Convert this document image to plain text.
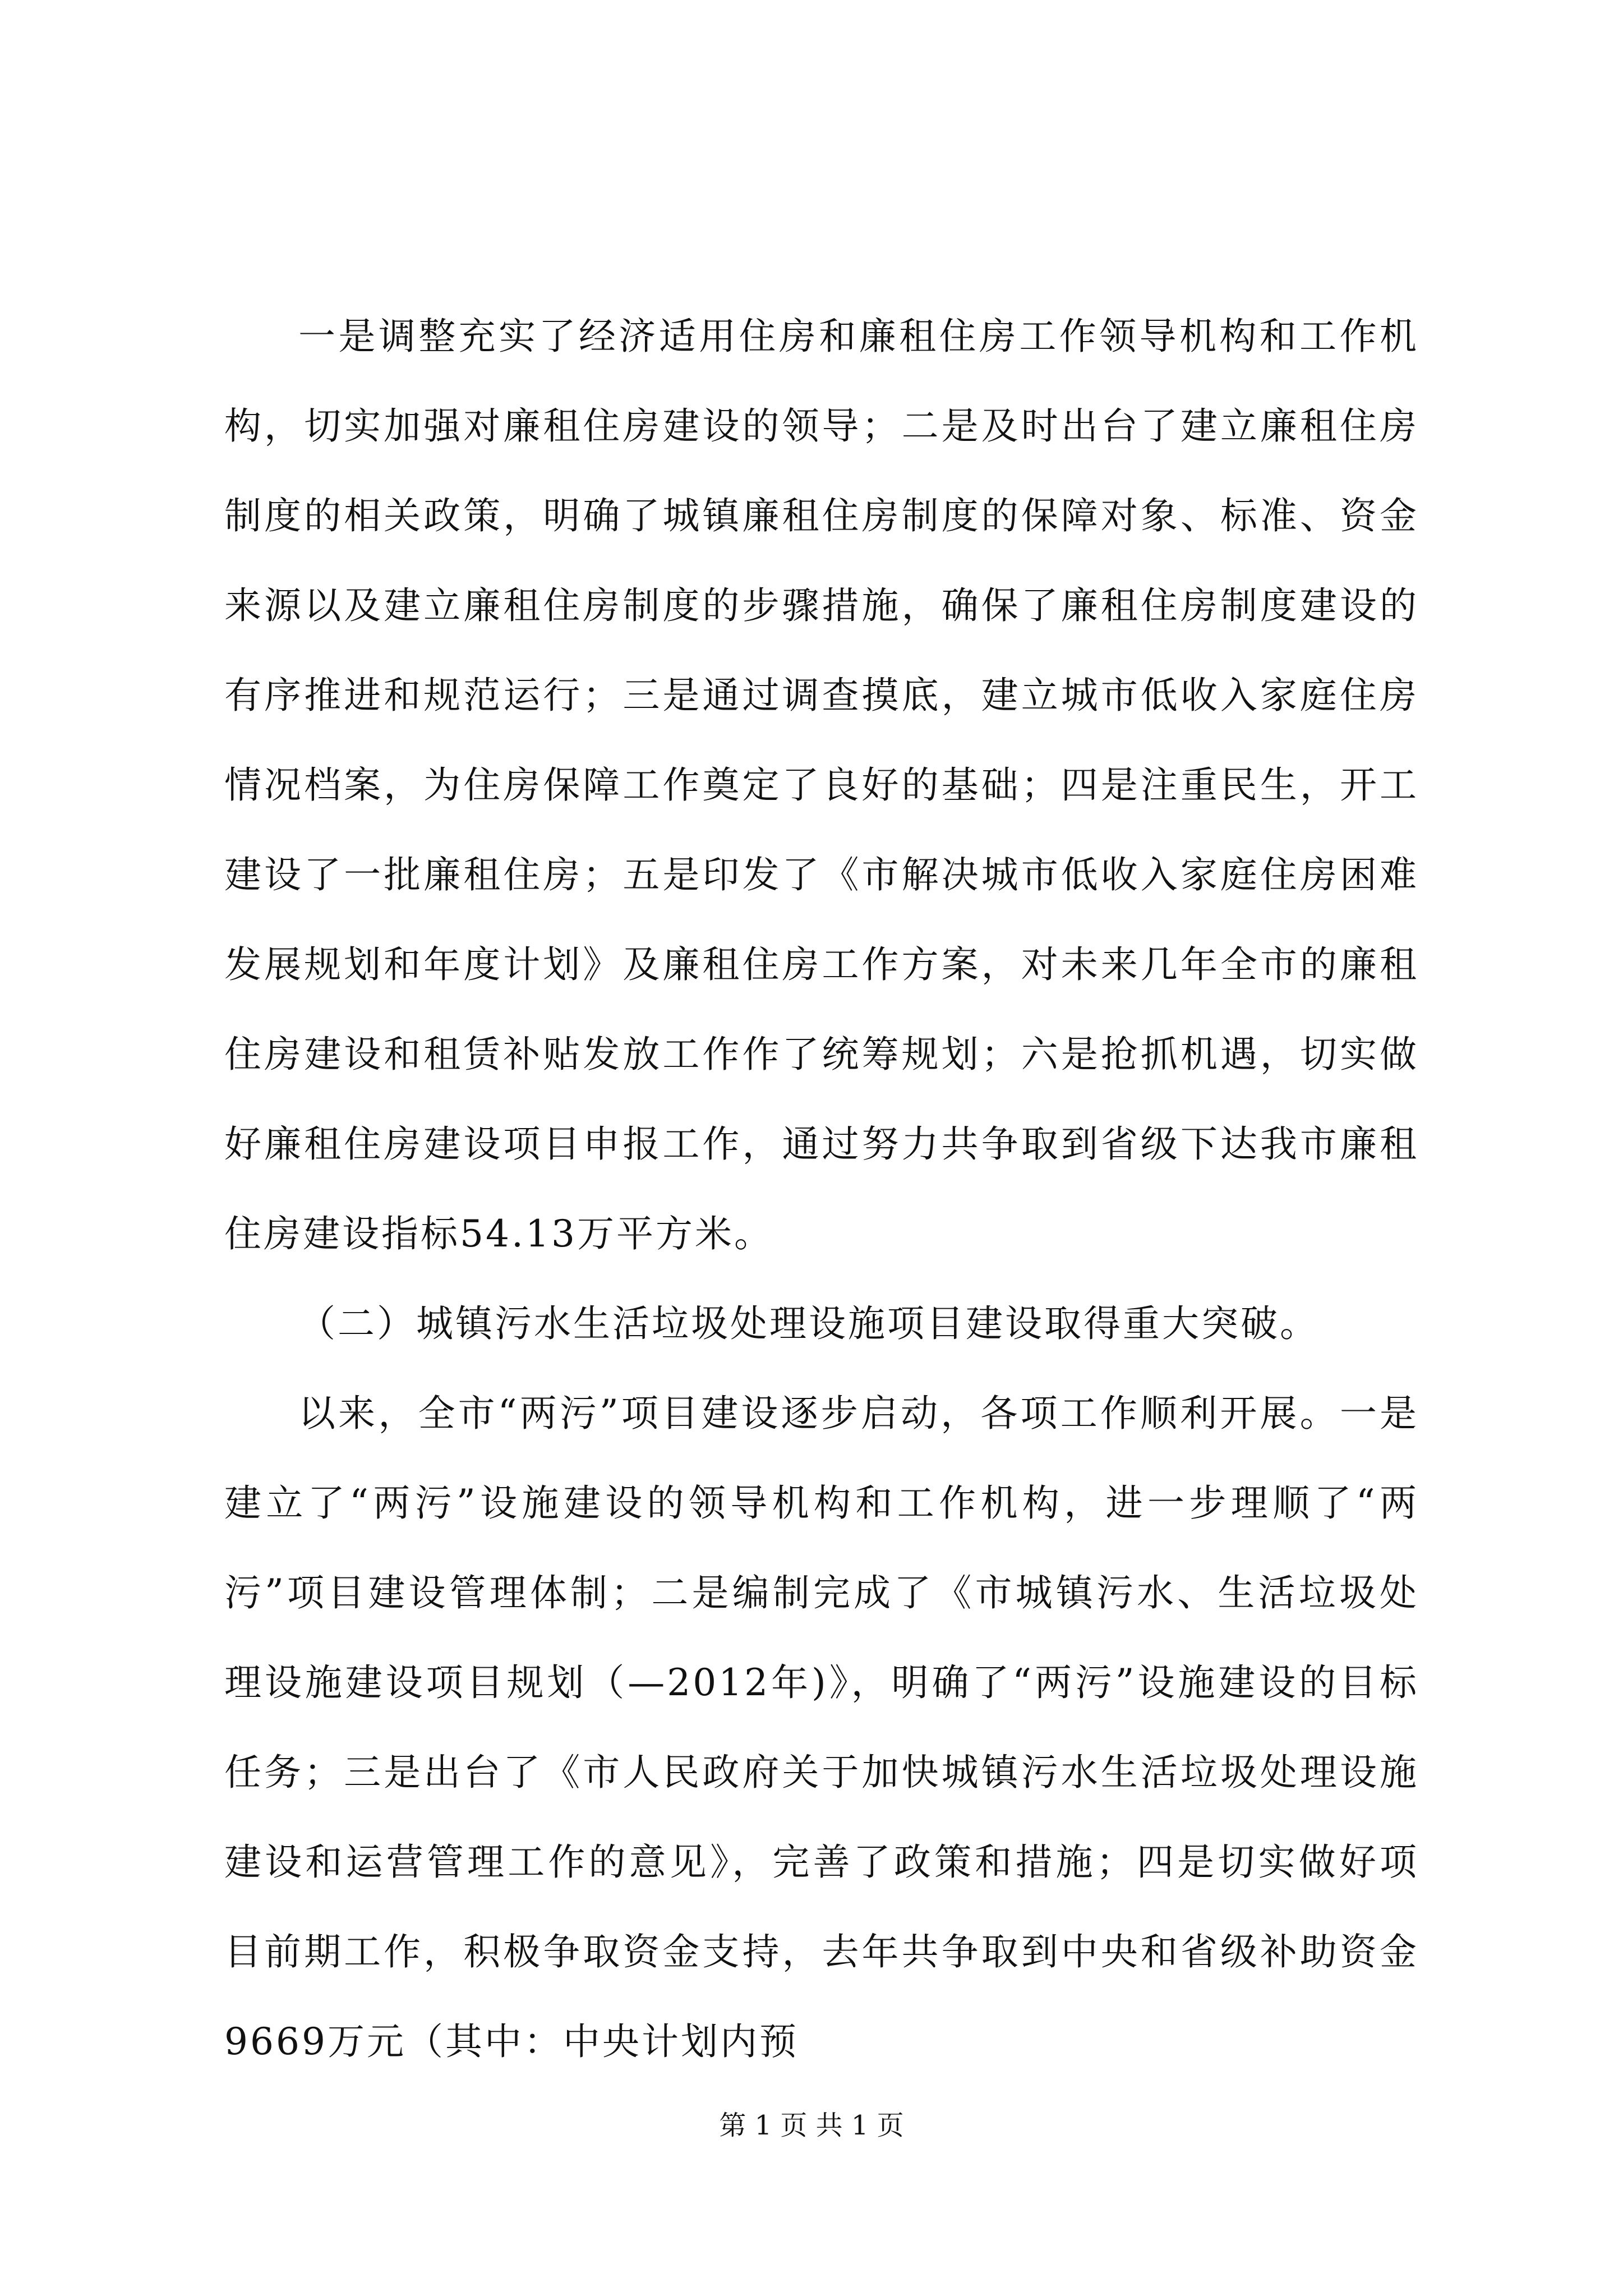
一是调整充实了经济适用住房和廉租住房工作领导机构和工作机构，切实加强对廉租住房建设的领导；二是及时出台了建立廉租住房制度的相关政策，明确了城镇廉租住房制度的保障对象、标准、资金来源以及建立廉租住房制度的步骤措施，确保了廉租住房制度建设的有序推进和规范运行；三是通过调查摸底，建立城市低收入家庭住房情况档案，为住房保障工作奠定了良好的基础；四是注重民生，开工建设了一批廉租住房；五是印发了《市解决城市低收入家庭住房困难发展规划和年度计划》及廉租住房工作方案，对未来几年全市的廉租住房建设和租赁补贴发放工作作了统筹规划；六是抢抓机遇，切实做好廉租住房建设项目申报工作，通过努力共争取到省级下达我市廉租住房建设指标54.13万平方米。

（二）城镇污水生活垃圾处理设施项目建设取得重大突破。

以来，全市“两污”项目建设逐步启动，各项工作顺利开展。一是建立了“两污”设施建设的领导机构和工作机构，进一步理顺了“两污”项目建设管理体制；二是编制完成了《市城镇污水、生活垃圾处理设施建设项目规划（—2012年)》，明确了“两污”设施建设的目标任务；三是出台了《市人民政府关于加快城镇污水生活垃圾处理设施建设和运营管理工作的意见》，完善了政策和措施；四是切实做好项目前期工作，积极争取资金支持，去年共争取到中央和省级补助资金9669万元（其中：中央计划内预

第 1 页 共 1 页
